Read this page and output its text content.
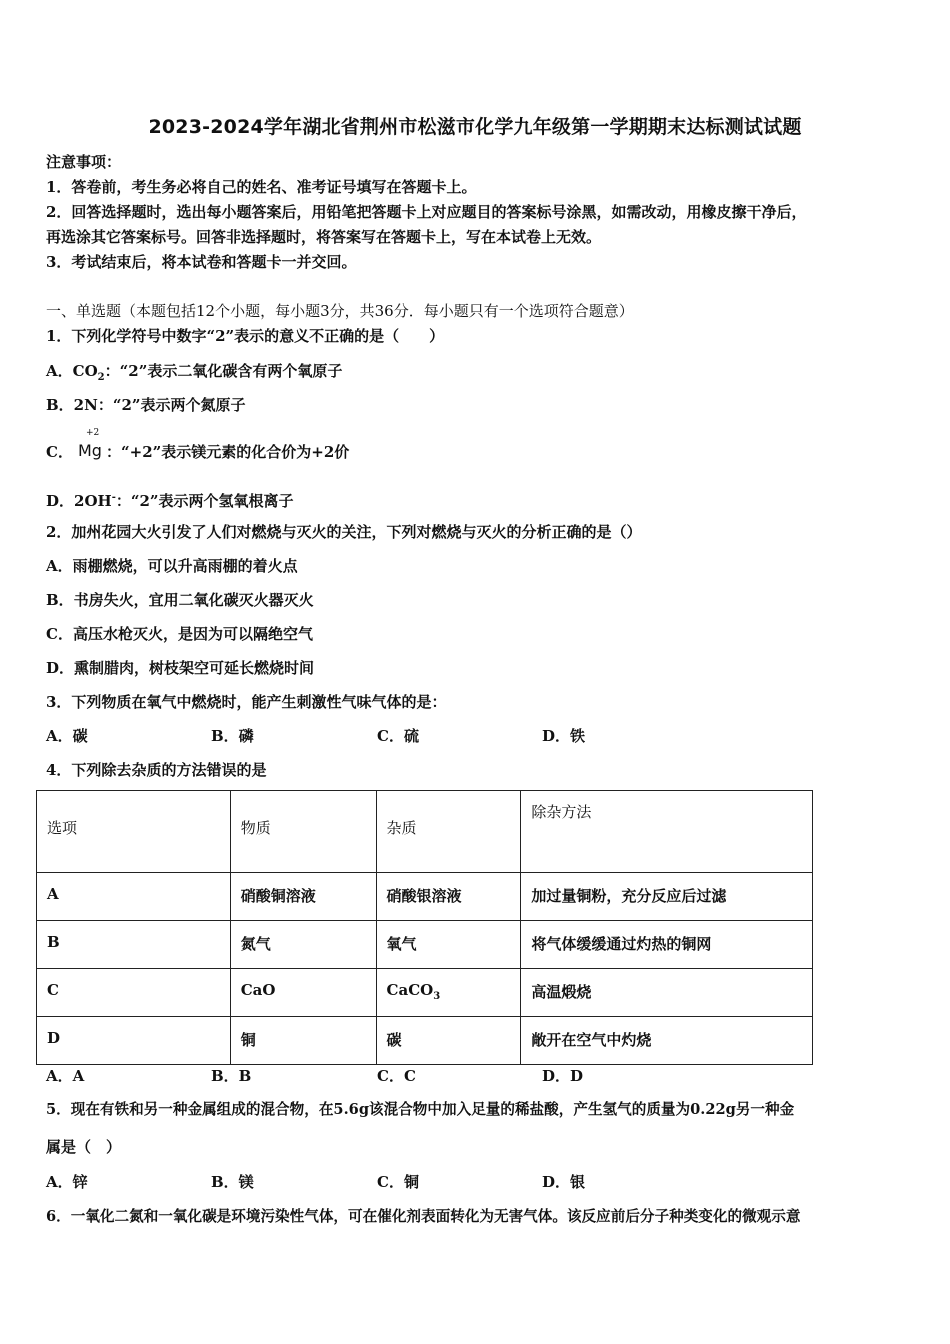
2023-2024学年湖北省荆州市松滋市化学九年级第一学期期末达标测试试题
注意事项：
1．答卷前，考生务必将自己的姓名、准考证号填写在答题卡上。
2．回答选择题时，选出每小题答案后，用铅笔把答题卡上对应题目的答案标号涂黑，如需改动，用橡皮擦干净后，
再选涂其它答案标号。回答非选择题时，将答案写在答题卡上，写在本试卷上无效。
3．考试结束后，将本试卷和答题卡一并交回。
一、单选题（本题包括12个小题，每小题3分，共36分．每小题只有一个选项符合题意）
1．下列化学符号中数字“2”表示的意义不正确的是（　　）
A．$CO_2$：“2”表示二氧化碳含有两个氧原子
B．2N：“2”表示两个氮原子
C．
+2
Mg ：“+2”表示镁元素的化合价为+2价
D．2OH-：“2”表示两个氢氧根离子
2．加州花园大火引发了人们对燃烧与灭火的关注，下列对燃烧与灭火的分析正确的是（）
A．雨棚燃烧，可以升高雨棚的着火点
B．书房失火，宜用二氧化碳灭火器灭火
C．高压水枪灭火，是因为可以隔绝空气
D．熏制腊肉，树枝架空可延长燃烧时间
3．下列物质在氧气中燃烧时，能产生刺激性气味气体的是：
A．碳	B．磷	C．硫	D．铁
4．下列除去杂质的方法错误的是
选项	物质	杂质	除杂方法
A	硝酸铜溶液	硝酸银溶液	加过量铜粉，充分反应后过滤
B	氮气	氧气	将气体缓缓通过灼热的铜网
C	CaO	CaCO$_3$	高温煅烧
D	铜	碳	敞开在空气中灼烧
A．A	B．B	C．C	D．D
5．现在有铁和另一种金属组成的混合物，在5.6g该混合物中加入足量的稀盐酸，产生氢气的质量为0.22g另一种金
属是（　）
A．锌	B．镁	C．铜	D．银
6．一氧化二氮和一氧化碳是环境污染性气体，可在催化剂表面转化为无害气体。该反应前后分子种类变化的微观示意
